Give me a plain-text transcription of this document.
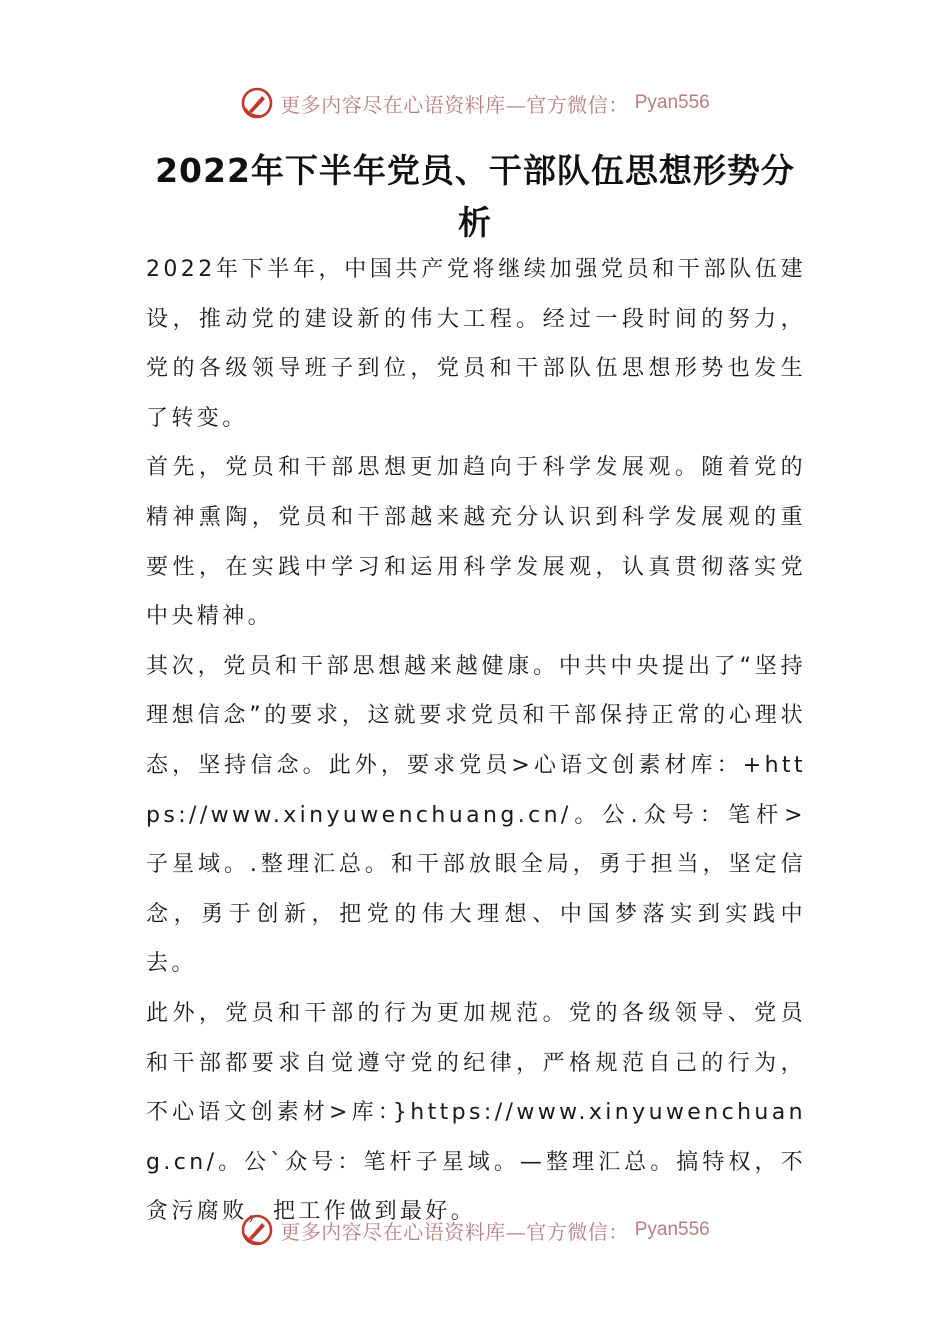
更多内容尽在心语资料库—官方微信： Pyan556
2022年下半年党员、干部队伍思想形势分析

2022年下半年，中国共产党将继续加强党员和干部队伍建设，推动党的建设新的伟大工程。经过一段时间的努力，党的各级领导班子到位，党员和干部队伍思想形势也发生了转变。

首先，党员和干部思想更加趋向于科学发展观。随着党的精神熏陶，党员和干部越来越充分认识到科学发展观的重要性，在实践中学习和运用科学发展观，认真贯彻落实党中央精神。

其次，党员和干部思想越来越健康。中共中央提出了“坚持理想信念”的要求，这就要求党员和干部保持正常的心理状态，坚持信念。此外，要求党员>心语文创素材库：+https://www.xinyuwenchuang.cn/。公.众号：笔杆>子星域。.整理汇总。和干部放眼全局，勇于担当，坚定信念，勇于创新，把党的伟大理想、中国梦落实到实践中去。

此外，党员和干部的行为更加规范。党的各级领导、党员和干部都要求自觉遵守党的纪律，严格规范自己的行为，不心语文创素材>库：}https://www.xinyuwenchuang.cn/。公`众号：笔杆子星域。—整理汇总。搞特权，不贪污腐败，把工作做到最好。

更多内容尽在心语资料库—官方微信： Pyan556
